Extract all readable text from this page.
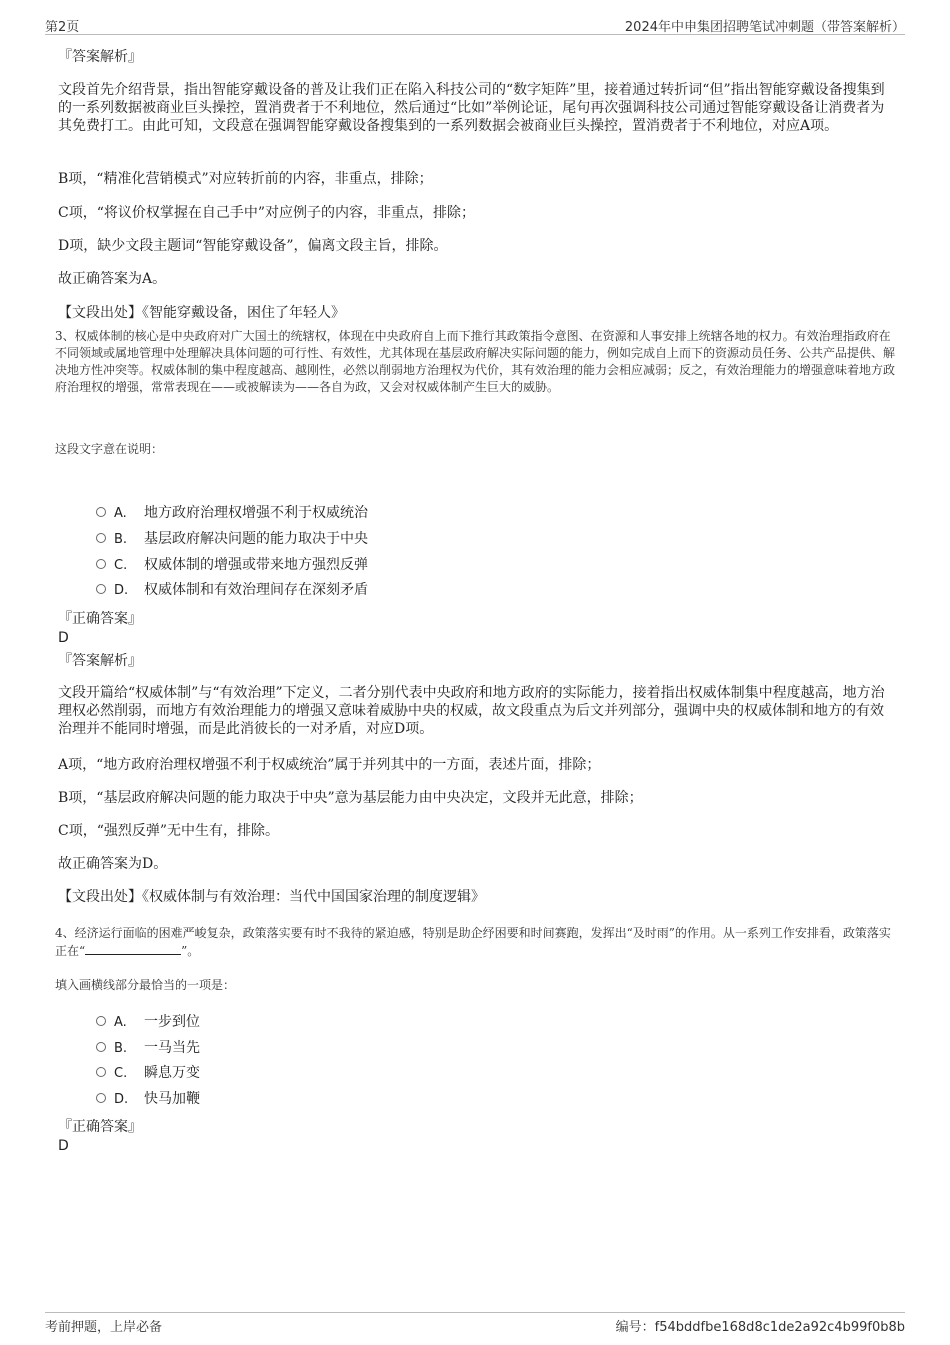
第2页	2024年中申集团招聘笔试冲刺题（带答案解析）
『答案解析』

文段首先介绍背景，指出智能穿戴设备的普及让我们正在陷入科技公司的“数字矩阵”里，接着通过转折词“但”指出智能穿戴设备搜集到的一系列数据被商业巨头操控，置消费者于不利地位，然后通过“比如”举例论证，尾句再次强调科技公司通过智能穿戴设备让消费者为其免费打工。由此可知，文段意在强调智能穿戴设备搜集到的一系列数据会被商业巨头操控，置消费者于不利地位，对应A项。

B项，“精准化营销模式”对应转折前的内容，非重点，排除；

C项，“将议价权掌握在自己手中”对应例子的内容，非重点，排除；

D项，缺少文段主题词“智能穿戴设备”，偏离文段主旨，排除。

故正确答案为A。

【文段出处】《智能穿戴设备，困住了年轻人》

3、权威体制的核心是中央政府对广大国土的统辖权，体现在中央政府自上而下推行其政策指令意图、在资源和人事安排上统辖各地的权力。有效治理指政府在不同领域或属地管理中处理解决具体问题的可行性、有效性，尤其体现在基层政府解决实际问题的能力，例如完成自上而下的资源动员任务、公共产品提供、解决地方性冲突等。权威体制的集中程度越高、越刚性，必然以削弱地方治理权为代价，其有效治理的能力会相应减弱；反之，有效治理能力的增强意味着地方政府治理权的增强，常常表现在——或被解读为——各自为政，又会对权威体制产生巨大的威胁。

这段文字意在说明：

A. 地方政府治理权增强不利于权威统治
B. 基层政府解决问题的能力取决于中央
C. 权威体制的增强或带来地方强烈反弹
D. 权威体制和有效治理间存在深刻矛盾
『正确答案』
D
『答案解析』

文段开篇给“权威体制”与“有效治理”下定义，二者分别代表中央政府和地方政府的实际能力，接着指出权威体制集中程度越高，地方治理权必然削弱，而地方有效治理能力的增强又意味着威胁中央的权威，故文段重点为后文并列部分，强调中央的权威体制和地方的有效治理并不能同时增强，而是此消彼长的一对矛盾，对应D项。

A项，“地方政府治理权增强不利于权威统治”属于并列其中的一方面，表述片面，排除；

B项，“基层政府解决问题的能力取决于中央”意为基层能力由中央决定，文段并无此意，排除；

C项，“强烈反弹”无中生有，排除。

故正确答案为D。

【文段出处】《权威体制与有效治理：当代中国国家治理的制度逻辑》

4、经济运行面临的困难严峻复杂，政策落实要有时不我待的紧迫感，特别是助企纾困要和时间赛跑，发挥出“及时雨”的作用。从一系列工作安排看，政策落实正在“	”。

填入画横线部分最恰当的一项是：

A. 一步到位
B. 一马当先
C. 瞬息万变
D. 快马加鞭
『正确答案』
D
考前押题，上岸必备	编号：f54bddfbe168d8c1de2a92c4b99f0b8b
